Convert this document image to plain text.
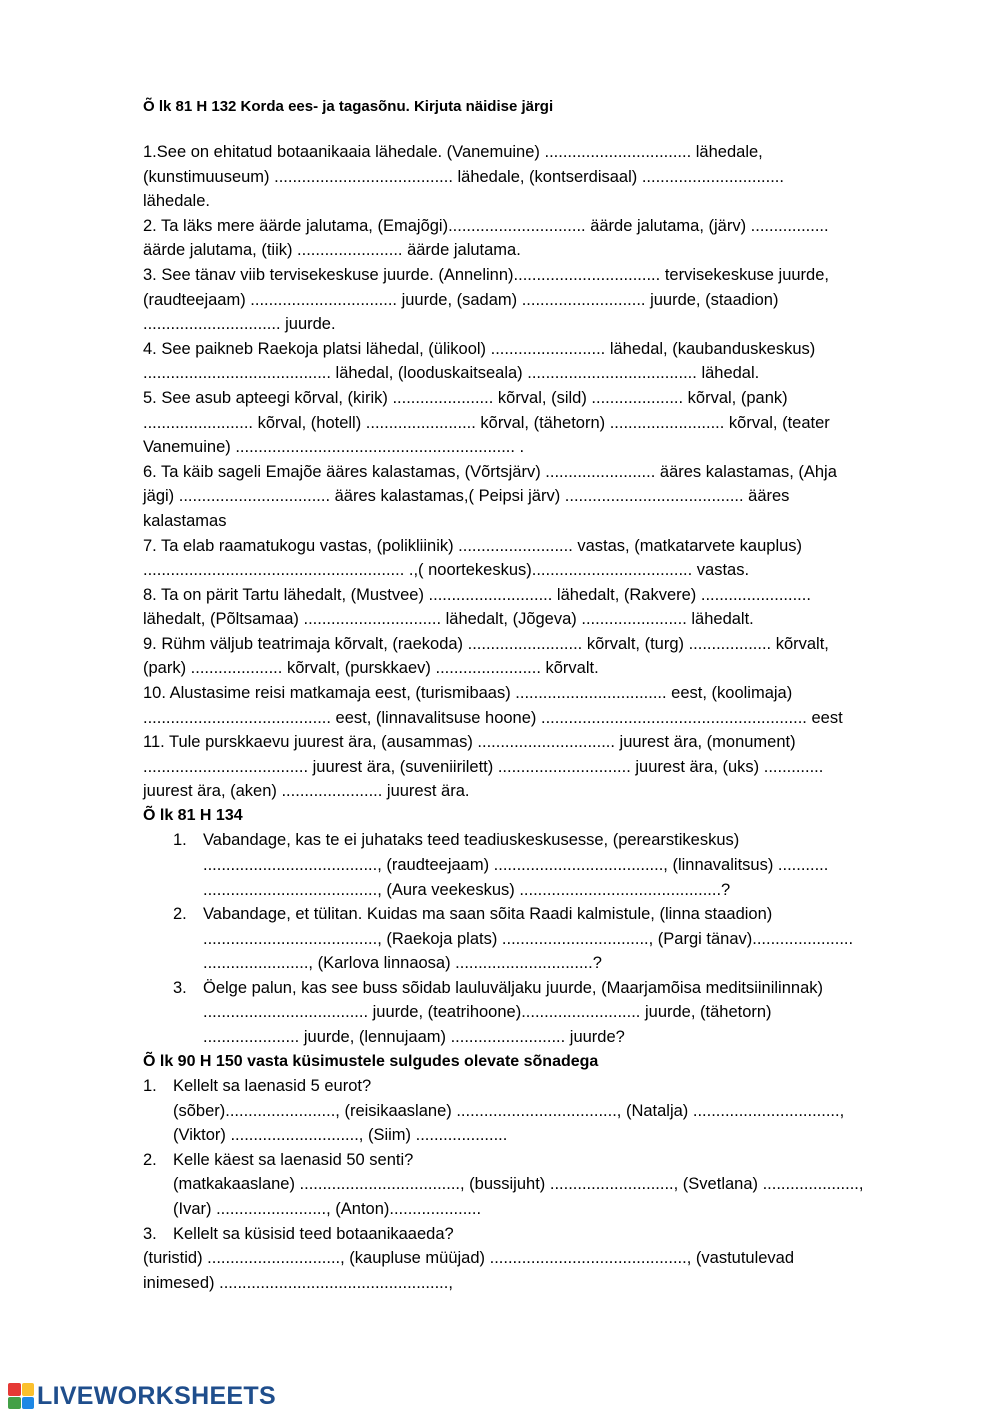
Õ lk 81 H 132 Korda ees- ja tagasõnu. Kirjuta näidise järgi

1.See on ehitatud botaanikaaia lähedale. (Vanemuine) ................................ lähedale,
(kunstimuuseum) ....................................... lähedale, (kontserdisaal) ...............................
lähedale.

2. Ta läks mere äärde jalutama, (Emajõgi).............................. äärde jalutama, (järv) .................
äärde jalutama, (tiik) ....................... äärde jalutama.

3. See tänav viib tervisekeskuse juurde. (Annelinn)................................ tervisekeskuse juurde,
(raudteejaam) ................................ juurde, (sadam) ........................... juurde, (staadion)
.............................. juurde.

4. See paikneb Raekoja platsi lähedal, (ülikool) ......................... lähedal, (kaubanduskeskus)
......................................... lähedal, (looduskaitseala) ..................................... lähedal.

5. See asub apteegi kõrval, (kirik) ...................... kõrval, (sild) .................... kõrval, (pank)
........................ kõrval, (hotell) ........................ kõrval, (tähetorn) ......................... kõrval, (teater
Vanemuine) ............................................................. .

6. Ta käib sageli Emajõe ääres kalastamas, (Võrtsjärv) ........................ ääres kalastamas, (Ahja
jägi) ................................. ääres kalastamas,( Peipsi järv) ....................................... ääres
kalastamas

7. Ta elab raamatukogu vastas, (polikliinik) ......................... vastas, (matkatarvete kauplus)
......................................................... .,( noortekeskus)................................... vastas.

8. Ta on pärit Tartu lähedalt, (Mustvee) ........................... lähedalt, (Rakvere) ........................
lähedalt, (Põltsamaa) .............................. lähedalt, (Jõgeva) ....................... lähedalt.

9. Rühm väljub teatrimaja kõrvalt, (raekoda) ......................... kõrvalt, (turg) .................. kõrvalt,
(park) .................... kõrvalt, (purskkaev) ....................... kõrvalt.

10. Alustasime reisi matkamaja eest, (turismibaas) ................................. eest, (koolimaja)
......................................... eest, (linnavalitsuse hoone) .......................................................... eest

11. Tule purskkaevu juurest ära, (ausammas) .............................. juurest ära, (monument)
.................................... juurest ära, (suveniirilett) ............................. juurest ära, (uks) .............
juurest ära, (aken) ...................... juurest ära.

Õ lk 81 H 134

1. Vabandage, kas te ei juhataks teed teadiuskeskusesse, (perearstikeskus)
......................................, (raudteejaam) ....................................., (linnavalitsus) ...........
......................................, (Aura veekeskus) ............................................?
2. Vabandage, et tülitan. Kuidas ma saan sõita Raadi kalmistule, (linna staadion)
......................................, (Raekoja plats) ................................, (Pargi tänav)......................
......................., (Karlova linnaosa) ..............................?
3. Öelge palun, kas see buss sõidab lauluväljaku juurde, (Maarjamõisa meditsiinilinnak)
.................................... juurde, (teatrihoone).......................... juurde, (tähetorn)
..................... juurde, (lennujaam) ......................... juurde?

Õ lk 90 H 150 vasta küsimustele sulgudes olevate sõnadega

1. Kellelt sa laenasid 5 eurot?
(sõber)........................, (reisikaaslane) ..................................., (Natalja) ................................,
(Viktor) ............................, (Siim) ....................
2. Kelle käest sa laenasid 50 senti?
(matkakaaslane) ..................................., (bussijuht) ..........................., (Svetlana) .....................,
(Ivar) ........................, (Anton)....................
3. Kellelt sa küsisid teed botaanikaaeda?

(turistid) ............................., (kaupluse müüjad) ..........................................., (vastutulevad
inimesed) ..................................................,

LIVEWORKSHEETS
